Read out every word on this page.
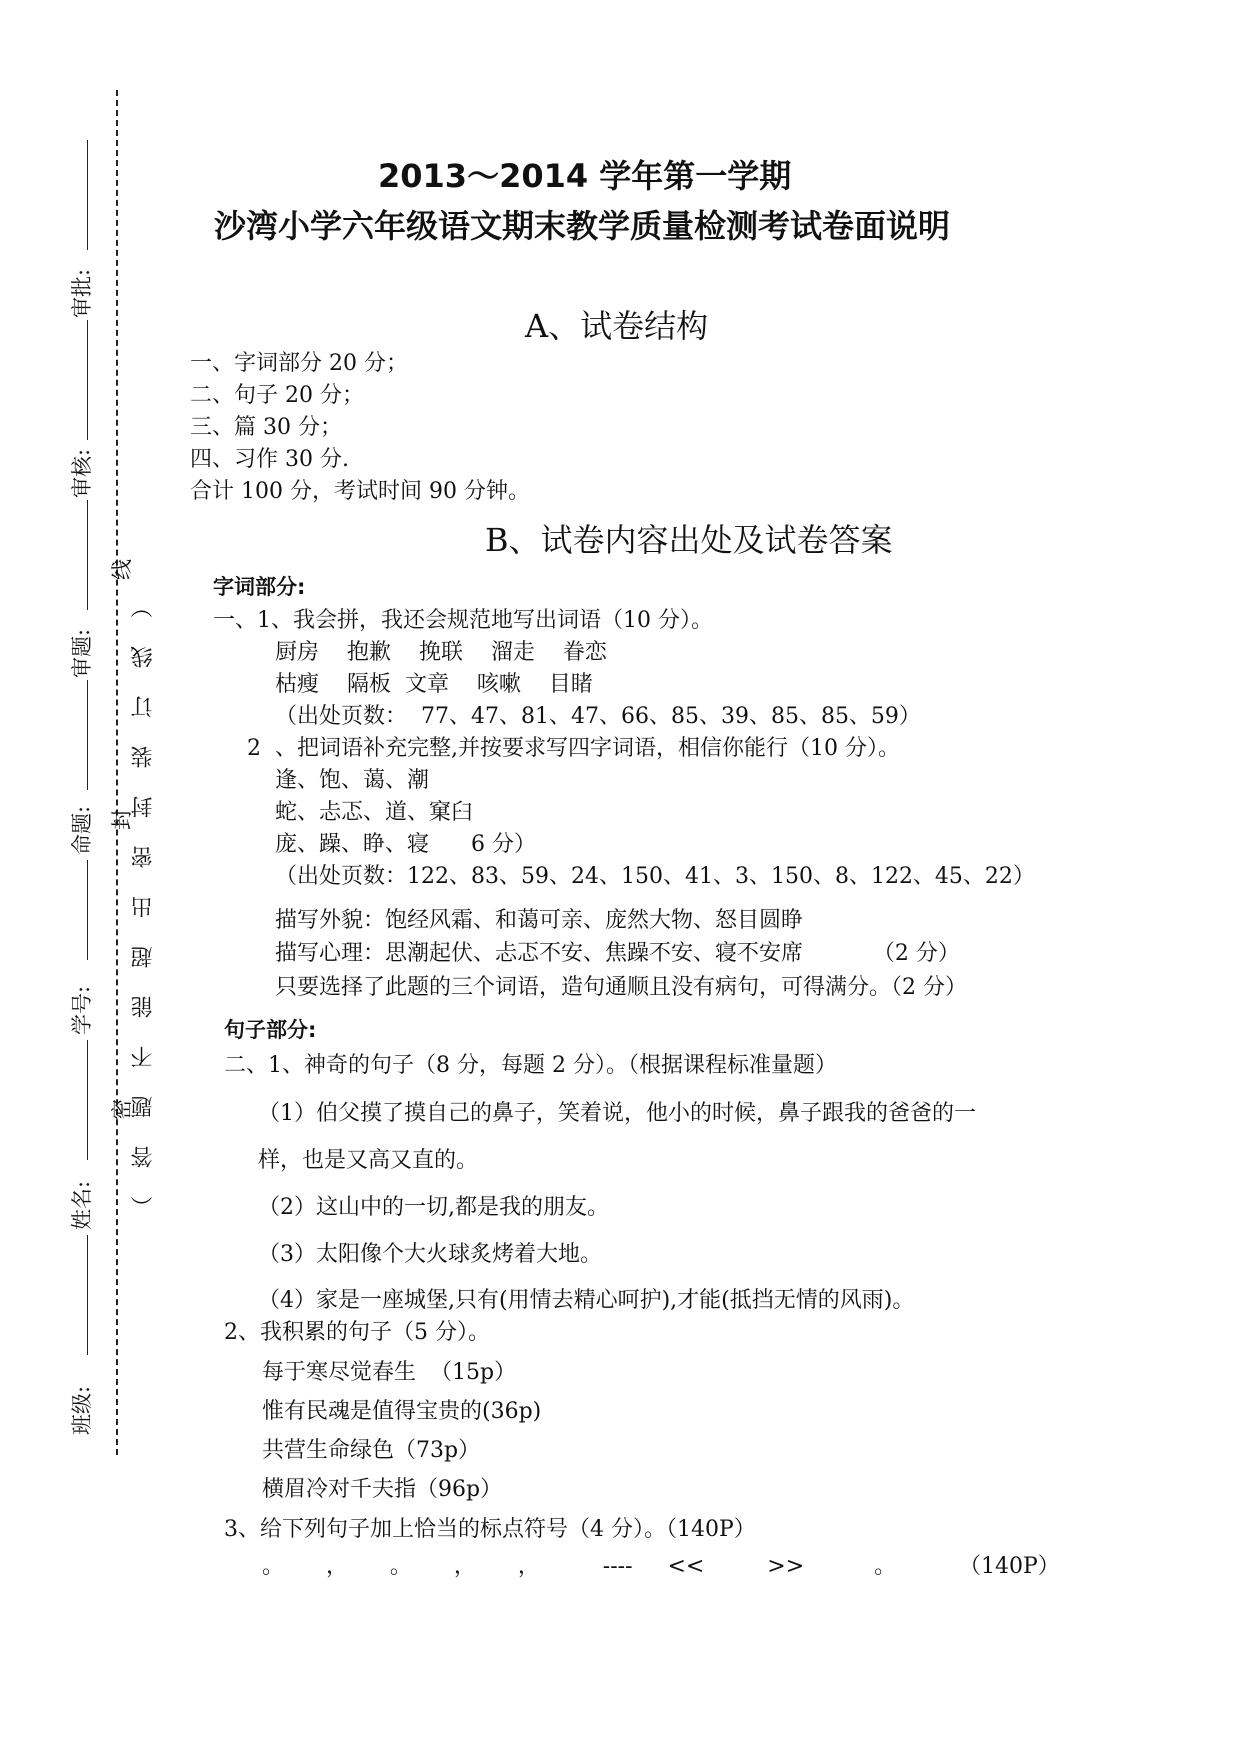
审批:
审核:
审题:
命题:
学号:
姓名:
班级:
线
封
密
（答题不能超出密封装订线）
2013～2014 学年第一学期
沙湾小学六年级语文期末教学质量检测考试卷面说明
A、试卷结构
一、字词部分 20 分；
二、句子 20 分；
三、篇 30 分；
四、习作 30 分.
合计 100 分，考试时间 90 分钟。
B、试卷内容出处及试卷答案
字词部分:
一、1、我会拼，我还会规范地写出词语（10 分）。
厨房    抱歉    挽联    溜走    眷恋
枯瘦    隔板  文章    咳嗽    目睹
（出处页数：  77、47、81、47、66、85、39、85、85、59）
2  、把词语补充完整,并按要求写四字词语，相信你能行（10 分）。
逢、饱、蔼、潮
蛇、忐忑、道、窠臼
庞、躁、睁、寝      6 分）
（出处页数：122、83、59、24、150、41、3、150、8、122、45、22）
描写外貌：饱经风霜、和蔼可亲、庞然大物、怒目圆睁
描写心理：思潮起伏、忐忑不安、焦躁不安、寝不安席          （2 分）
只要选择了此题的三个词语，造句通顺且没有病句，可得满分。（2 分）
句子部分:
二、1、神奇的句子（8 分，每题 2 分）。（根据课程标准量题）
（1）伯父摸了摸自己的鼻子，笑着说，他小的时候，鼻子跟我的爸爸的一
样，也是又高又直的。
（2）这山中的一切,都是我的朋友。
（3）太阳像个大火球炙烤着大地。
（4）家是一座城堡,只有(用情去精心呵护),才能(抵挡无情的风雨)。
2、我积累的句子（5 分）。
每于寒尽觉春生  （15p）
惟有民魂是值得宝贵的(36p)
共营生命绿色（73p）
横眉冷对千夫指（96p）
3、给下列句子加上恰当的标点符号（4 分）。（140P）
。      ，      。      ，      ，         ----     <<         >>          。         （140P）
